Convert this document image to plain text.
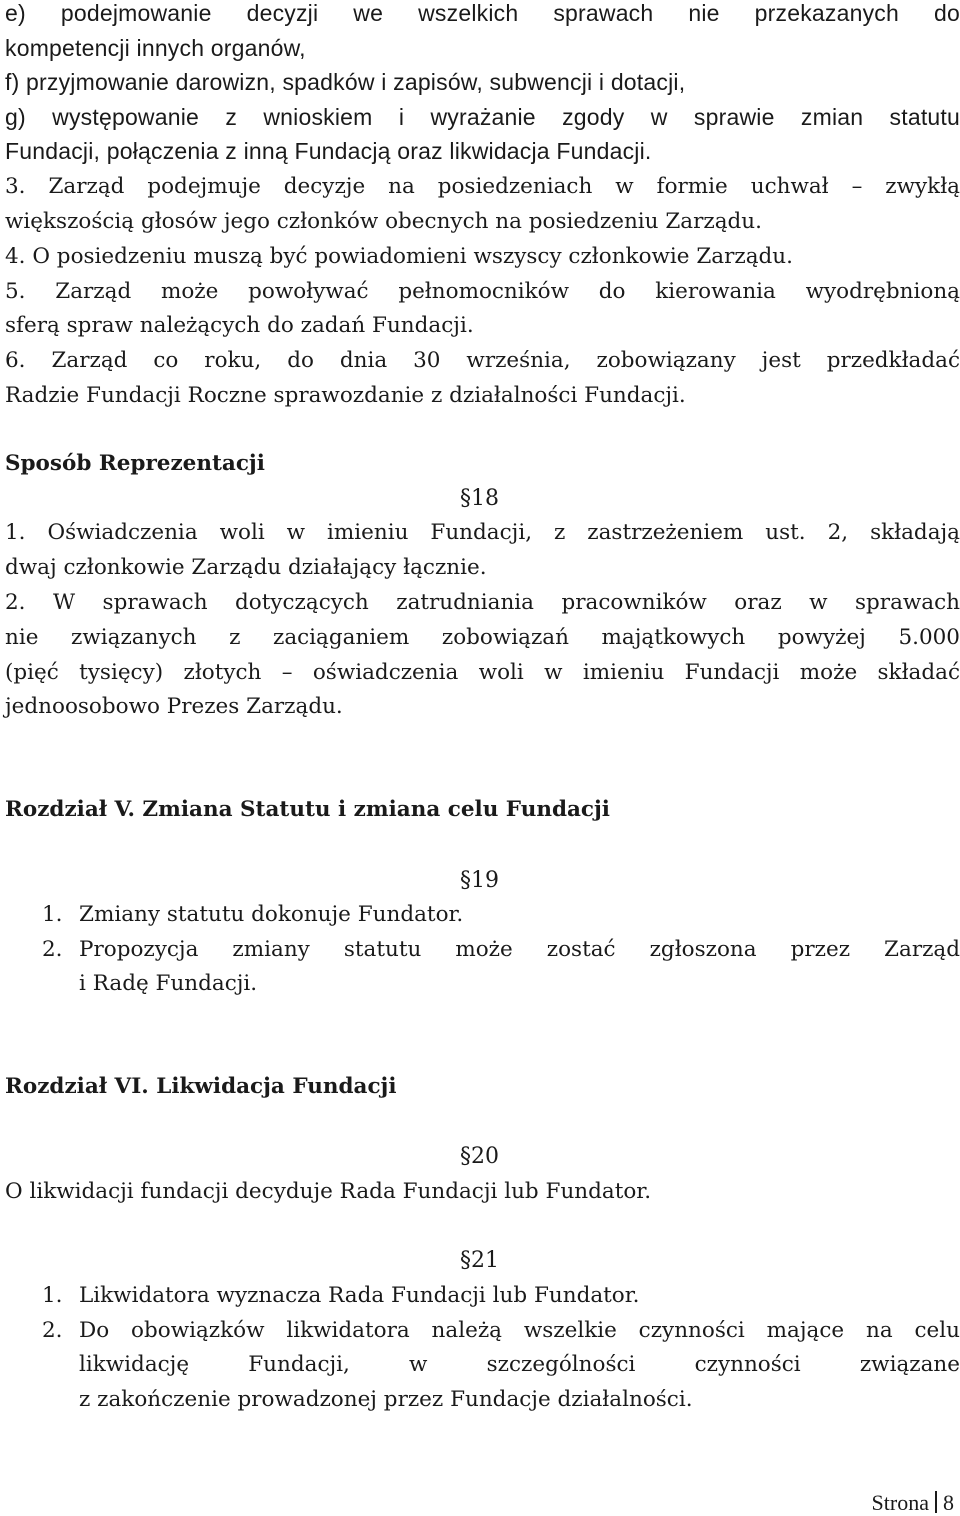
e) podejmowanie decyzji we wszelkich sprawach nie przekazanych do
kompetencji innych organów,
f) przyjmowanie darowizn, spadków i zapisów, subwencji i dotacji,
g) występowanie z wnioskiem i wyrażanie zgody w sprawie zmian statutu
Fundacji, połączenia z inną Fundacją oraz likwidacja Fundacji.
3. Zarząd podejmuje decyzje na posiedzeniach w formie uchwał – zwykłą
większością głosów jego członków obecnych na posiedzeniu Zarządu.
4. O posiedzeniu muszą być powiadomieni wszyscy członkowie Zarządu.
5. Zarząd może powoływać pełnomocników do kierowania wyodrębnioną
sferą spraw należących do zadań Fundacji.
6. Zarząd co roku, do dnia 30 września, zobowiązany jest przedkładać
Radzie Fundacji Roczne sprawozdanie z działalności Fundacji.
Sposób Reprezentacji
§18
1. Oświadczenia woli w imieniu Fundacji, z zastrzeżeniem ust. 2, składają
dwaj członkowie Zarządu działający łącznie.
2. W sprawach dotyczących zatrudniania pracowników oraz w sprawach
nie związanych z zaciąganiem zobowiązań majątkowych powyżej 5.000
(pięć tysięcy) złotych – oświadczenia woli w imieniu Fundacji może składać
jednoosobowo Prezes Zarządu.
Rozdział V. Zmiana Statutu i zmiana celu Fundacji
§19
1. Zmiany statutu dokonuje Fundator.
2. Propozycja zmiany statutu może zostać zgłoszona przez Zarząd
i Radę Fundacji.
Rozdział VI. Likwidacja Fundacji
§20
O likwidacji fundacji decyduje Rada Fundacji lub Fundator.
§21
1. Likwidatora wyznacza Rada Fundacji lub Fundator.
2. Do obowiązków likwidatora należą wszelkie czynności mające na celu
likwidację Fundacji, w szczególności czynności związane
z zakończenie prowadzonej przez Fundacje działalności.
Strona 8
